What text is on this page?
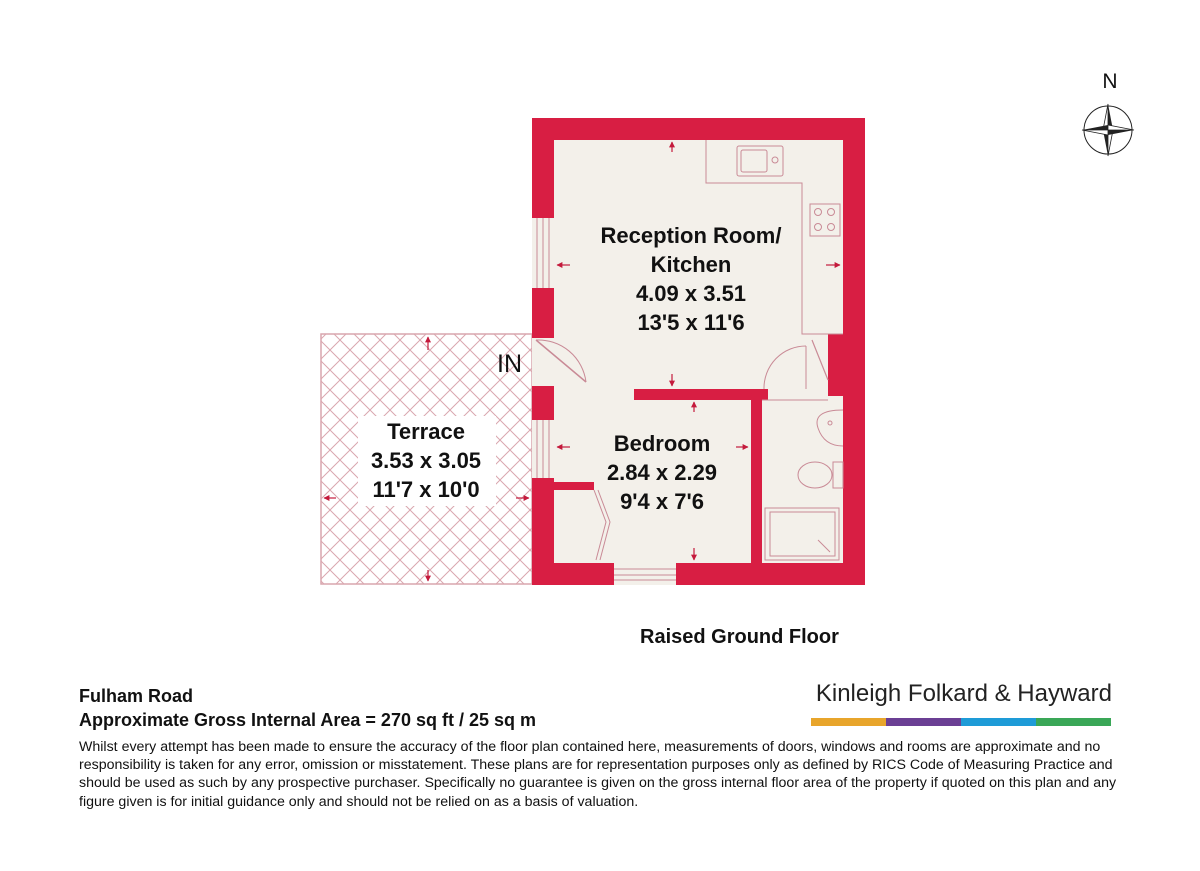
Reception Room/
Kitchen
4.09 x 3.51
13'5 x 11'6
Bedroom
2.84 x 2.29
9'4 x 7'6
Terrace
3.53 x 3.05
11'7 x 10'0
IN
N
Raised Ground Floor
Fulham Road
Approximate Gross Internal Area = 270 sq ft / 25 sq m
Whilst every attempt has been made to ensure the accuracy of the floor plan contained here, measurements of doors, windows and rooms are approximate and no responsibility is taken for any error, omission or misstatement. These plans are for representation purposes only as defined by RICS Code of Measuring Practice and should be used as such by any prospective purchaser. Specifically no guarantee is given on the gross internal floor area of the property if quoted on this plan and any figure given is for initial guidance only and should not be relied on as a basis of valuation.
Kinleigh Folkard & Hayward
